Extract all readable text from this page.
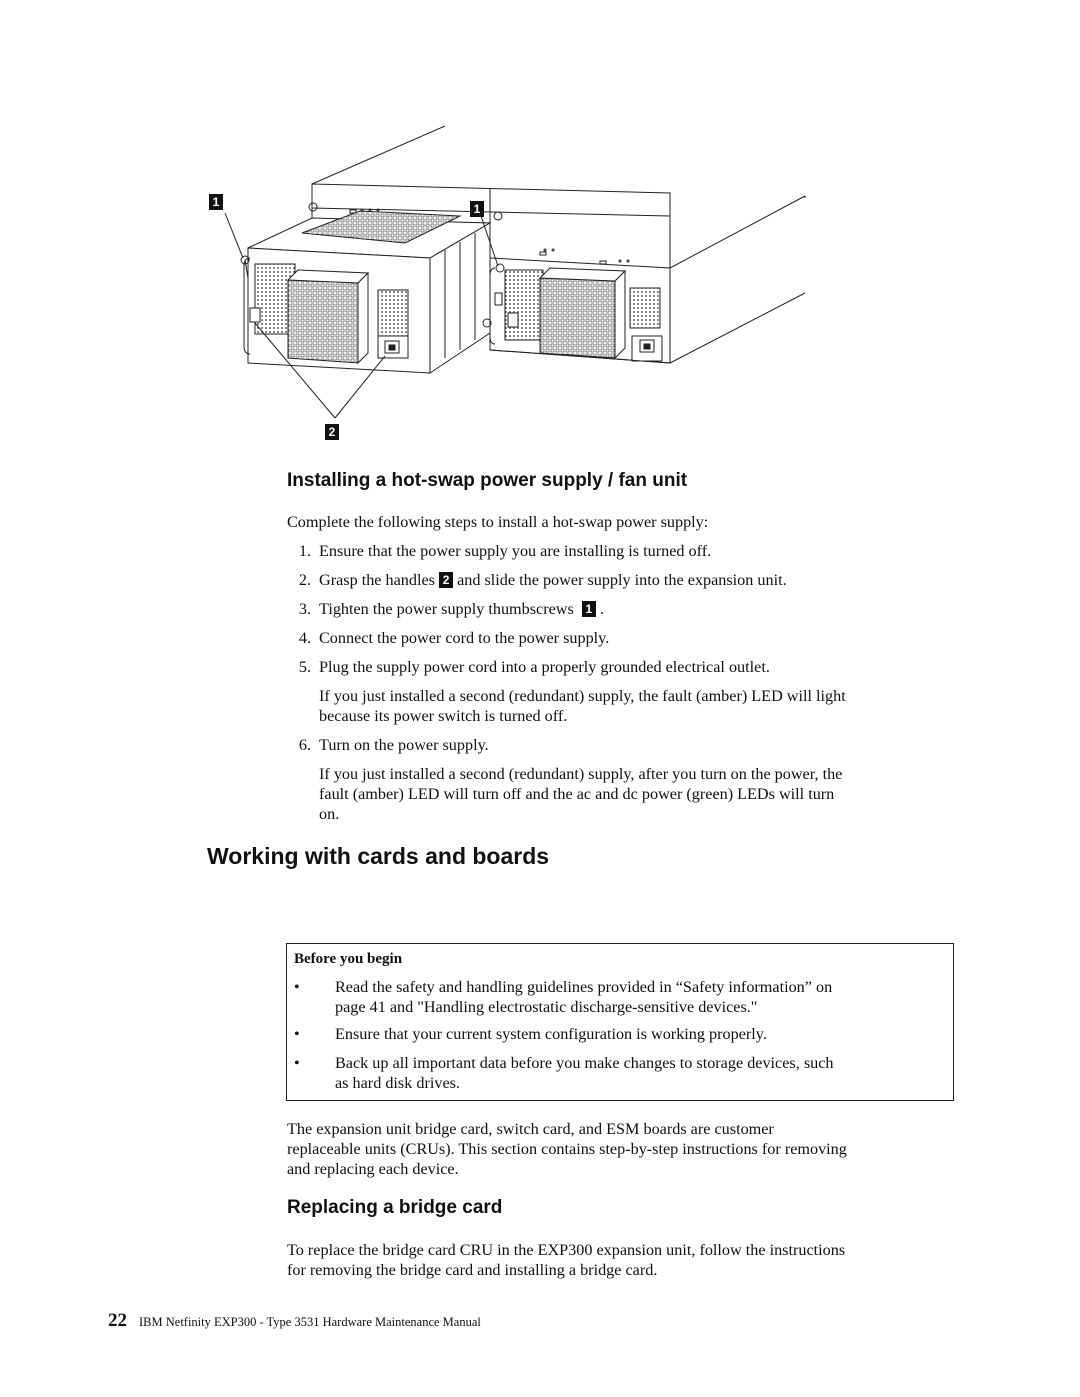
1	1
2
Installing a hot-swap power supply / fan unit
Complete the following steps to install a hot-swap power supply:
1. Ensure that the power supply you are installing is turned off.
2. Grasp the handles 2 and slide the power supply into the expansion unit.
3. Tighten the power supply thumbscrews 1 .
4. Connect the power cord to the power supply.
5. Plug the supply power cord into a properly grounded electrical outlet.
If you just installed a second (redundant) supply, the fault (amber) LED will light
because its power switch is turned off.
6. Turn on the power supply.
If you just installed a second (redundant) supply, after you turn on the power, the
fault (amber) LED will turn off and the ac and dc power (green) LEDs will turn
on.
Working with cards and boards
Before you begin
• Read the safety and handling guidelines provided in “Safety information” on
page 41 and "Handling electrostatic discharge-sensitive devices."
• Ensure that your current system configuration is working properly.
• Back up all important data before you make changes to storage devices, such
as hard disk drives.
The expansion unit bridge card, switch card, and ESM boards are customer
replaceable units (CRUs). This section contains step-by-step instructions for removing
and replacing each device.
Replacing a bridge card
To replace the bridge card CRU in the EXP300 expansion unit, follow the instructions
for removing the bridge card and installing a bridge card.
22 IBM Netfinity EXP300 - Type 3531 Hardware Maintenance Manual
